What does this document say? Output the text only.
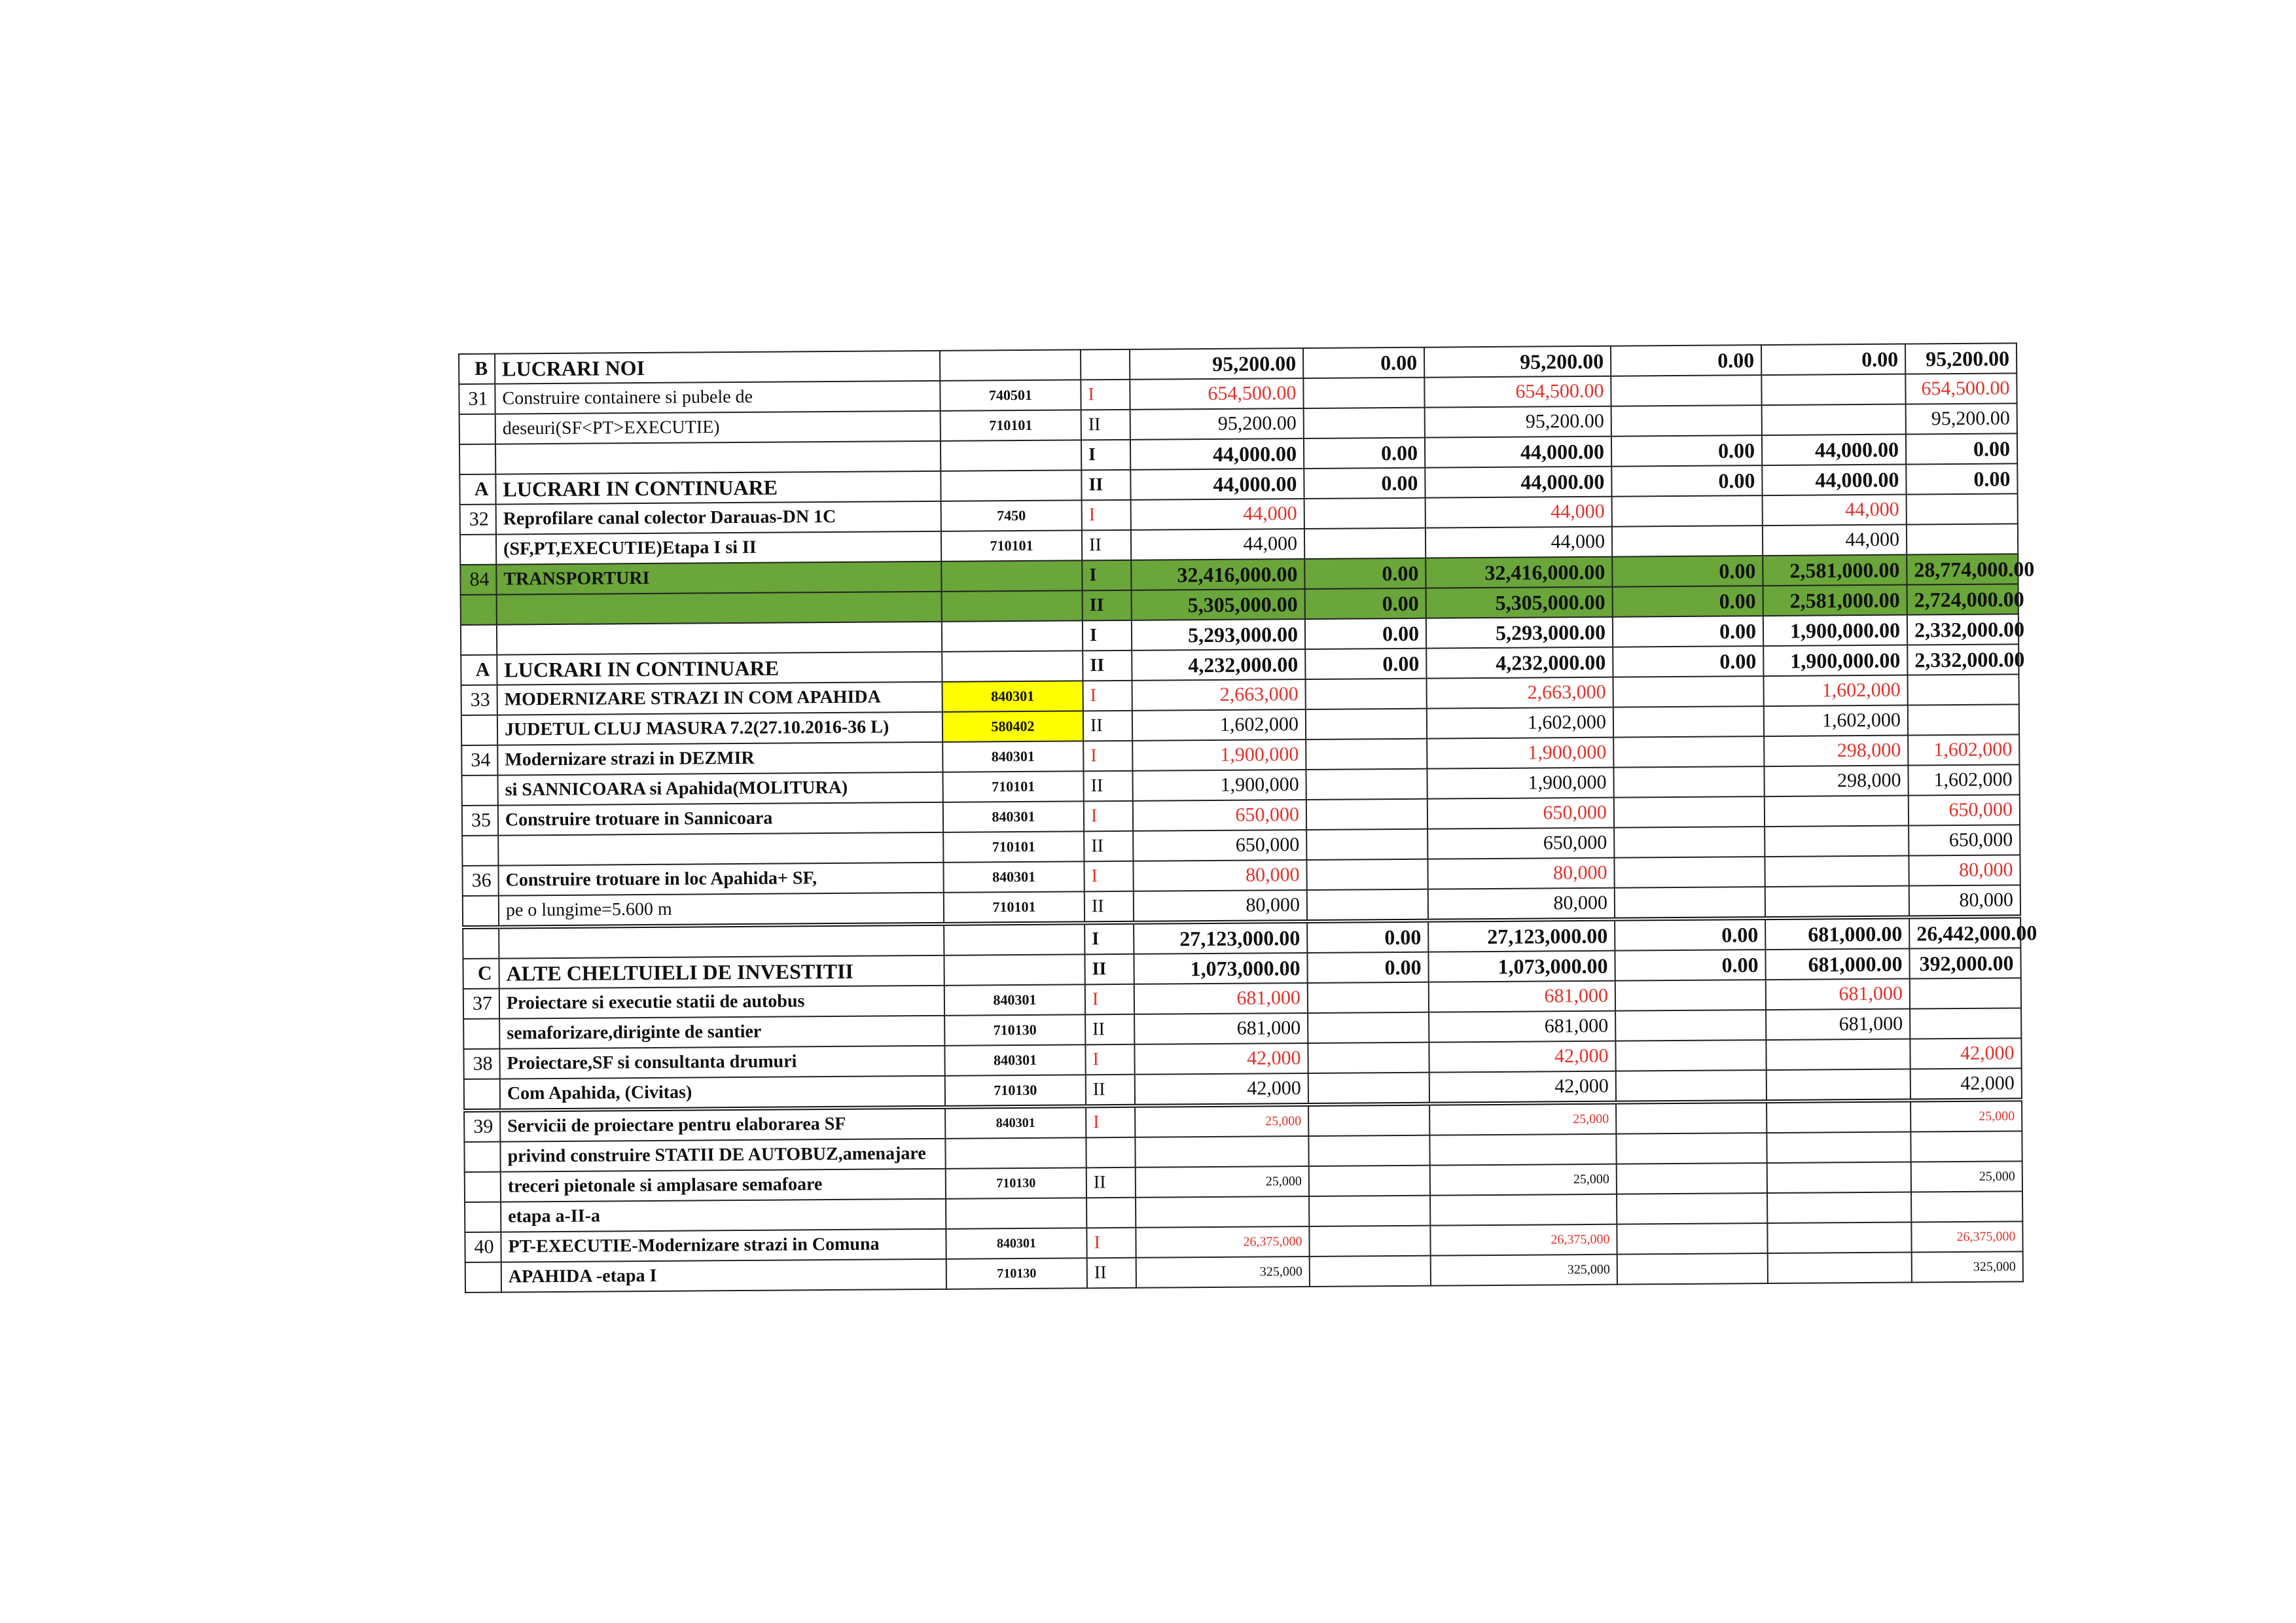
B	LUCRARI NOI			95,200.00	0.00	95,200.00	0.00	0.00	95,200.00
31	Construire containere si pubele de	740501	I	654,500.00		654,500.00			654,500.00
	deseuri(SF<PT>EXECUTIE)	710101	II	95,200.00		95,200.00			95,200.00
			I	44,000.00	0.00	44,000.00	0.00	44,000.00	0.00
A	LUCRARI IN CONTINUARE		II	44,000.00	0.00	44,000.00	0.00	44,000.00	0.00
32	Reprofilare canal colector Darauas-DN 1C	7450	I	44,000		44,000		44,000	
	(SF,PT,EXECUTIE)Etapa I si II	710101	II	44,000		44,000		44,000	
84	TRANSPORTURI		I	32,416,000.00	0.00	32,416,000.00	0.00	2,581,000.00	28,774,000.00
			II	5,305,000.00	0.00	5,305,000.00	0.00	2,581,000.00	2,724,000.00
			I	5,293,000.00	0.00	5,293,000.00	0.00	1,900,000.00	2,332,000.00
A	LUCRARI IN CONTINUARE		II	4,232,000.00	0.00	4,232,000.00	0.00	1,900,000.00	2,332,000.00
33	MODERNIZARE STRAZI IN COM APAHIDA	840301	I	2,663,000		2,663,000		1,602,000	
	JUDETUL CLUJ MASURA 7.2(27.10.2016-36 L)	580402	II	1,602,000		1,602,000		1,602,000	
34	Modernizare strazi in DEZMIR	840301	I	1,900,000		1,900,000		298,000	1,602,000
	si SANNICOARA si Apahida(MOLITURA)	710101	II	1,900,000		1,900,000		298,000	1,602,000
35	Construire trotuare in Sannicoara	840301	I	650,000		650,000			650,000
		710101	II	650,000		650,000			650,000
36	Construire trotuare in loc Apahida+ SF,	840301	I	80,000		80,000			80,000
	pe o lungime=5.600 m	710101	II	80,000		80,000			80,000
			I	27,123,000.00	0.00	27,123,000.00	0.00	681,000.00	26,442,000.00
C	ALTE CHELTUIELI DE INVESTITII		II	1,073,000.00	0.00	1,073,000.00	0.00	681,000.00	392,000.00
37	Proiectare si executie statii de autobus	840301	I	681,000		681,000		681,000	
	semaforizare,diriginte de santier	710130	II	681,000		681,000		681,000	
38	Proiectare,SF si consultanta drumuri	840301	I	42,000		42,000			42,000
	Com Apahida, (Civitas)	710130	II	42,000		42,000			42,000
39	Servicii de proiectare pentru elaborarea SF	840301	I	25,000		25,000			25,000
	privind construire STATII DE AUTOBUZ,amenajare								
	treceri pietonale si amplasare semafoare	710130	II	25,000		25,000			25,000
	etapa a-II-a								
40	PT-EXECUTIE-Modernizare strazi in Comuna	840301	I	26,375,000		26,375,000			26,375,000
	APAHIDA -etapa I	710130	II	325,000		325,000			325,000
